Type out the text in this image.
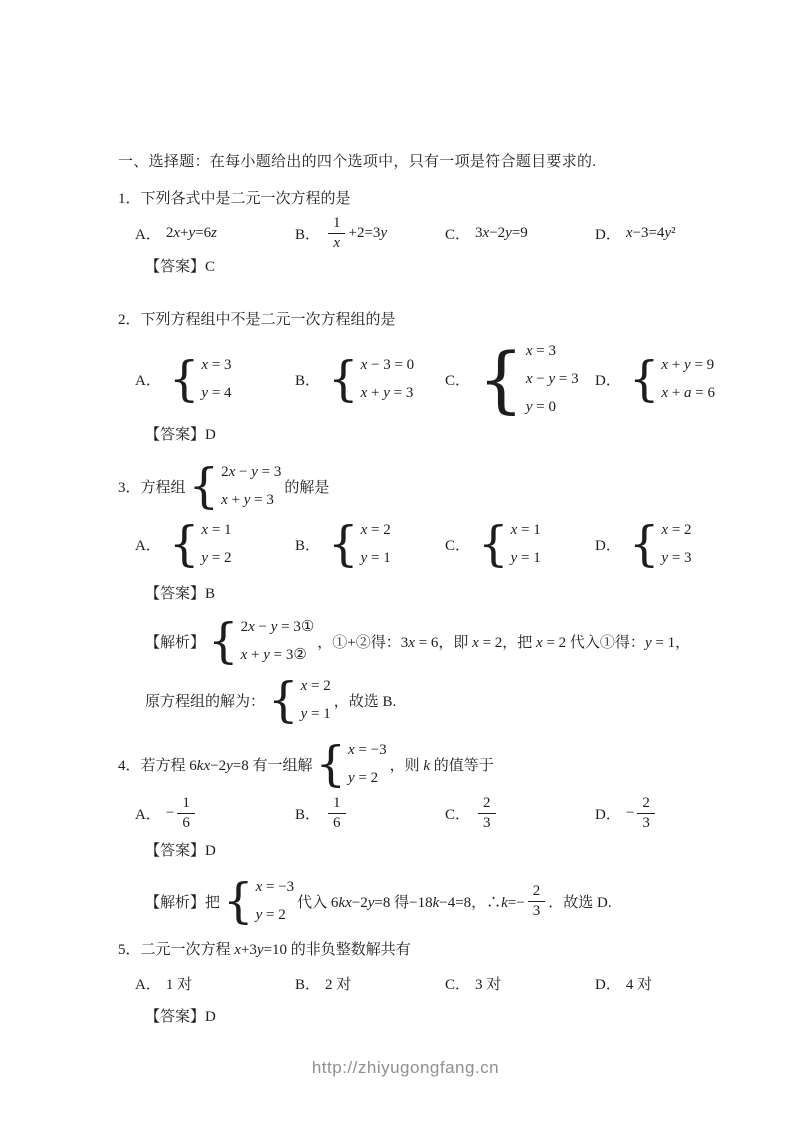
一、选择题：在每小题给出的四个选项中，只有一项是符合题目要求的.
1．下列各式中是二元一次方程的是
A． 2x+y=6z	B． $\frac{1}{x} +2=3y$	C． 3x−2y=9	D． x−3=4y²
【答案】C
2．下列方程组中不是二元一次方程组的是
A． { x = 3
y = 4
B． { x − 3 = 0
x + y = 3
C． { x = 3
x − y = 3
y = 0
D． { x + y = 9
x + a = 6
【答案】D
3． 方程组 { 2x − y = 3
x + y = 3
的解是
A． { x = 1
y = 2
B． { x = 2
y = 1
C． { x = 1
y = 1
D． { x = 2
y = 3
【答案】B
【解析】 { 2x − y = 3①
x + y = 3②
，①+②得：3x = 6，即 x = 2，把 x = 2 代入①得：y = 1，
原方程组的解为： { x = 2
y = 1
，故选 B.
4． 若方程 6kx−2y=8 有一组解 { x = −3
y = 2
，则 k 的值等于
A． − $\frac{1}{6}$	B． $\frac{1}{6}$	C． $\frac{2}{3}$	D． − $\frac{2}{3}$
【答案】D
【解析】 把 { x = −3
y = 2
代入 6kx−2y=8 得−18k−4=8，∴k=− $\frac{2}{3}$ ．故选 D.
5．二元一次方程 x+3y=10 的非负整数解共有
A． 1 对	B． 2 对	C． 3 对	D． 4 对
【答案】D
http://zhiyugongfang.cn
